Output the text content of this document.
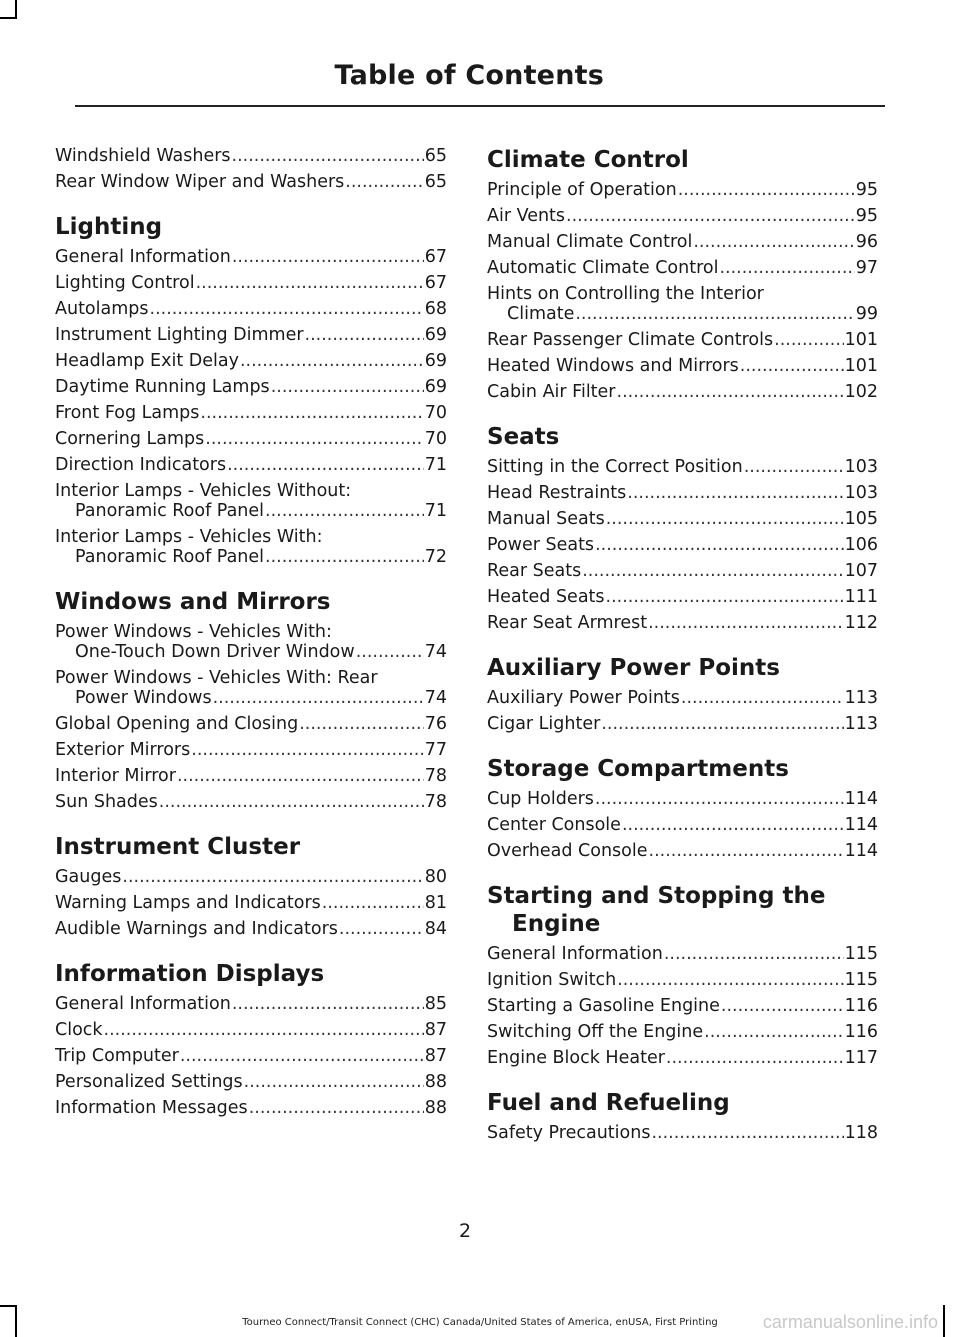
Table of Contents
Windshield Washers .....	65
Rear Window Wiper and Washers .....	65
Lighting
General Information .....	67
Lighting Control .....	67
Autolamps .....	68
Instrument Lighting Dimmer .....	69
Headlamp Exit Delay .....	69
Daytime Running Lamps .....	69
Front Fog Lamps .....	70
Cornering Lamps .....	70
Direction Indicators .....	71
Interior Lamps - Vehicles Without:
Panoramic Roof Panel .....	71
Interior Lamps - Vehicles With:
Panoramic Roof Panel .....	72
Windows and Mirrors
Power Windows - Vehicles With:
One-Touch Down Driver Window .....	74
Power Windows - Vehicles With: Rear
Power Windows .....	74
Global Opening and Closing .....	76
Exterior Mirrors .....	77
Interior Mirror .....	78
Sun Shades .....	78
Instrument Cluster
Gauges .....	80
Warning Lamps and Indicators .....	81
Audible Warnings and Indicators .....	84
Information Displays
General Information .....	85
Clock .....	87
Trip Computer .....	87
Personalized Settings .....	88
Information Messages .....	88
Climate Control
Principle of Operation .....	95
Air Vents .....	95
Manual Climate Control .....	96
Automatic Climate Control .....	97
Hints on Controlling the Interior
Climate .....	99
Rear Passenger Climate Controls .....	101
Heated Windows and Mirrors .....	101
Cabin Air Filter .....	102
Seats
Sitting in the Correct Position .....	103
Head Restraints .....	103
Manual Seats .....	105
Power Seats .....	106
Rear Seats .....	107
Heated Seats .....	111
Rear Seat Armrest .....	112
Auxiliary Power Points
Auxiliary Power Points .....	113
Cigar Lighter .....	113
Storage Compartments
Cup Holders .....	114
Center Console .....	114
Overhead Console .....	114
Starting and Stopping the
Engine
General Information .....	115
Ignition Switch .....	115
Starting a Gasoline Engine .....	116
Switching Off the Engine .....	116
Engine Block Heater .....	117
Fuel and Refueling
Safety Precautions .....	118
2
Tourneo Connect/Transit Connect (CHC) Canada/United States of America, enUSA, First Printing	carmanualsonline.info
